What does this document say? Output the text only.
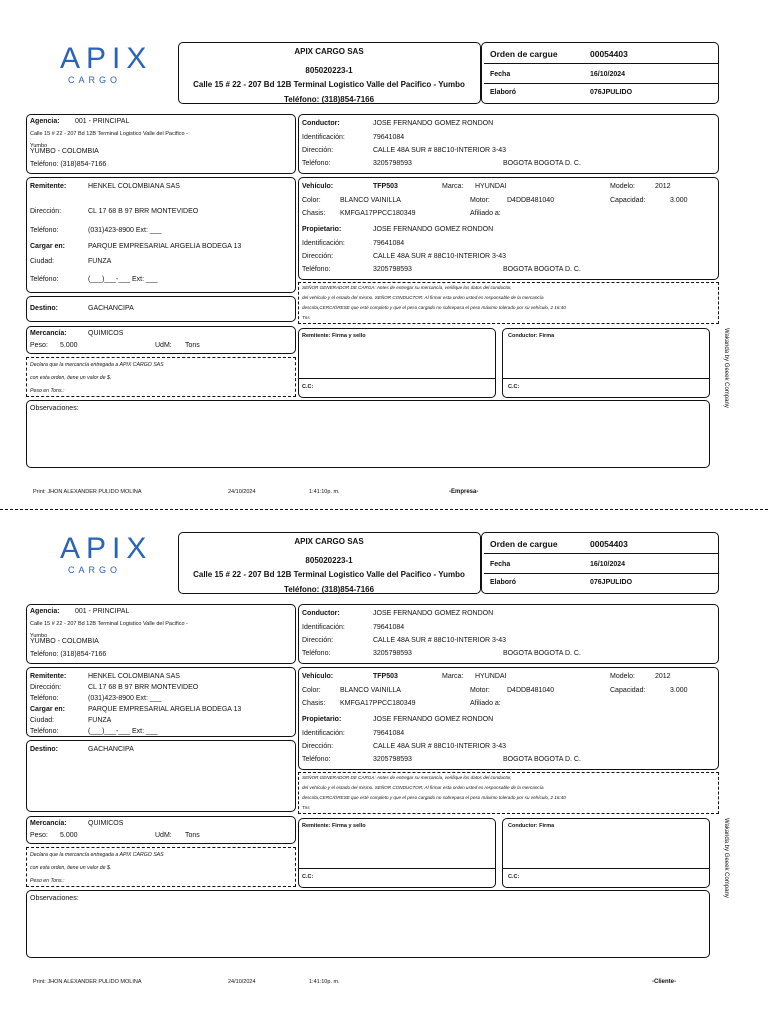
APIX
CARGO
APIX CARGO SAS
805020223-1
Calle 15 # 22 - 207 Bd 12B Terminal Logistico Valle del Pacifico - Yumbo
Teléfono: (318)854-7166
Orden de cargue	00054403
Fecha	16/10/2024
Elaboró	076JPULIDO
Agencia: 001 - PRINCIPAL
Calle 15 # 22 - 207 Bd 12B Terminal Logistico Valle del Pacifico -
Yumbo
YUMBO - COLOMBIA
Teléfono: (318)854-7166
Conductor:	JOSE FERNANDO GOMEZ RONDON
Identificación:	79641084
Dirección:	CALLE 48A SUR # 88C10-INTERIOR 3-43
Teléfono:	3205798593	BOGOTA BOGOTA D. C.
Remitente:	HENKEL COLOMBIANA SAS
Dirección:	CL 17 68 B 97 BRR MONTEVIDEO
Teléfono:	(031)423-8900 Ext: ___
Cargar en:	PARQUE EMPRESARIAL ARGELIA BODEGA 13
Ciudad:	FUNZA
Teléfono:	(___)___-___ Ext: ___
Vehículo:	TFP503	Marca: HYUNDAI	Modelo:	2012
Color:	BLANCO VAINILLA	Motor: D4DDB481040	Capacidad:	3.000
Chasis: KMFGA17PPCC180349	Afiliado a:
Propietario:	JOSE FERNANDO GOMEZ RONDON
Identificación:	79641084
Dirección:	CALLE 48A SUR # 88C10-INTERIOR 3-43
Teléfono:	3205798593	BOGOTA BOGOTA D. C.
SEÑOR GENERADOR DE CARGA: Antes de entregar su mercancía, verifique los datos del conductor,
del vehículo y el estado del mismo. SEÑOR CONDUCTOR: Al firmar esta orden usted es responsable de la mercancía
descrita,CERCIÓRESE que esté completo y que el peso cargado no sobrepasa el peso máximo tolerado por su vehículo, 2 16:40
Tns
Destino:	GACHANCIPA
Mercancía:	QUIMICOS
Peso: 5.000	UdM: Tons
Declara que la mercancía entregada a APIX CARGO SAS
con esta orden, tiene un valor de $.
Peso en Tons.:
Remitente: Firma y sello
C.C:
Conductor: Firma
C.C:	Wakanda by Geeek Company
Observaciones:
Print: JHON ALEXANDER PULIDO MOLINA	24/10/2024	1:41:10p. m.	-Empresa-
APIX
CARGO
APIX CARGO SAS
805020223-1
Calle 15 # 22 - 207 Bd 12B Terminal Logistico Valle del Pacifico - Yumbo
Teléfono: (318)854-7166
Orden de cargue	00054403
Fecha	16/10/2024
Elaboró	076JPULIDO
Agencia: 001 - PRINCIPAL
Calle 15 # 22 - 207 Bd 12B Terminal Logistico Valle del Pacifico -
Yumbo
YUMBO - COLOMBIA
Teléfono: (318)854-7166
Conductor:	JOSE FERNANDO GOMEZ RONDON
Identificación:	79641084
Dirección:	CALLE 48A SUR # 88C10-INTERIOR 3-43
Teléfono:	3205798593	BOGOTA BOGOTA D. C.
Remitente:	HENKEL COLOMBIANA SAS
Dirección:	CL 17 68 B 97 BRR MONTEVIDEO
Teléfono:	(031)423-8900 Ext: ___
Cargar en:	PARQUE EMPRESARIAL ARGELIA BODEGA 13
Ciudad:	FUNZA
Teléfono:	(___)___-___ Ext: ___
Vehículo:	TFP503	Marca: HYUNDAI	Modelo:	2012
Color:	BLANCO VAINILLA	Motor: D4DDB481040	Capacidad:	3.000
Chasis: KMFGA17PPCC180349	Afiliado a:
Propietario:	JOSE FERNANDO GOMEZ RONDON
Identificación:	79641084
Dirección:	CALLE 48A SUR # 88C10-INTERIOR 3-43
Teléfono:	3205798593	BOGOTA BOGOTA D. C.
SEÑOR GENERADOR DE CARGA: Antes de entregar su mercancía, verifique los datos del conductor,
del vehículo y el estado del mismo. SEÑOR CONDUCTOR: Al firmar esta orden usted es responsable de la mercancía
descrita,CERCIÓRESE que esté completo y que el peso cargado no sobrepasa el peso máximo tolerado por su vehículo, 2 16:40
Tns
Destino:	GACHANCIPA
Mercancía:	QUIMICOS
Peso: 5.000	UdM: Tons
Declara que la mercancía entregada a APIX CARGO SAS
con esta orden, tiene un valor de $.
Peso en Tons.:
Remitente: Firma y sello
C.C:
Conductor: Firma
C.C:	Wakanda by Geeek Company
Observaciones:
Print: JHON ALEXANDER PULIDO MOLINA	24/10/2024	1:41:10p. m.	-Cliente-
